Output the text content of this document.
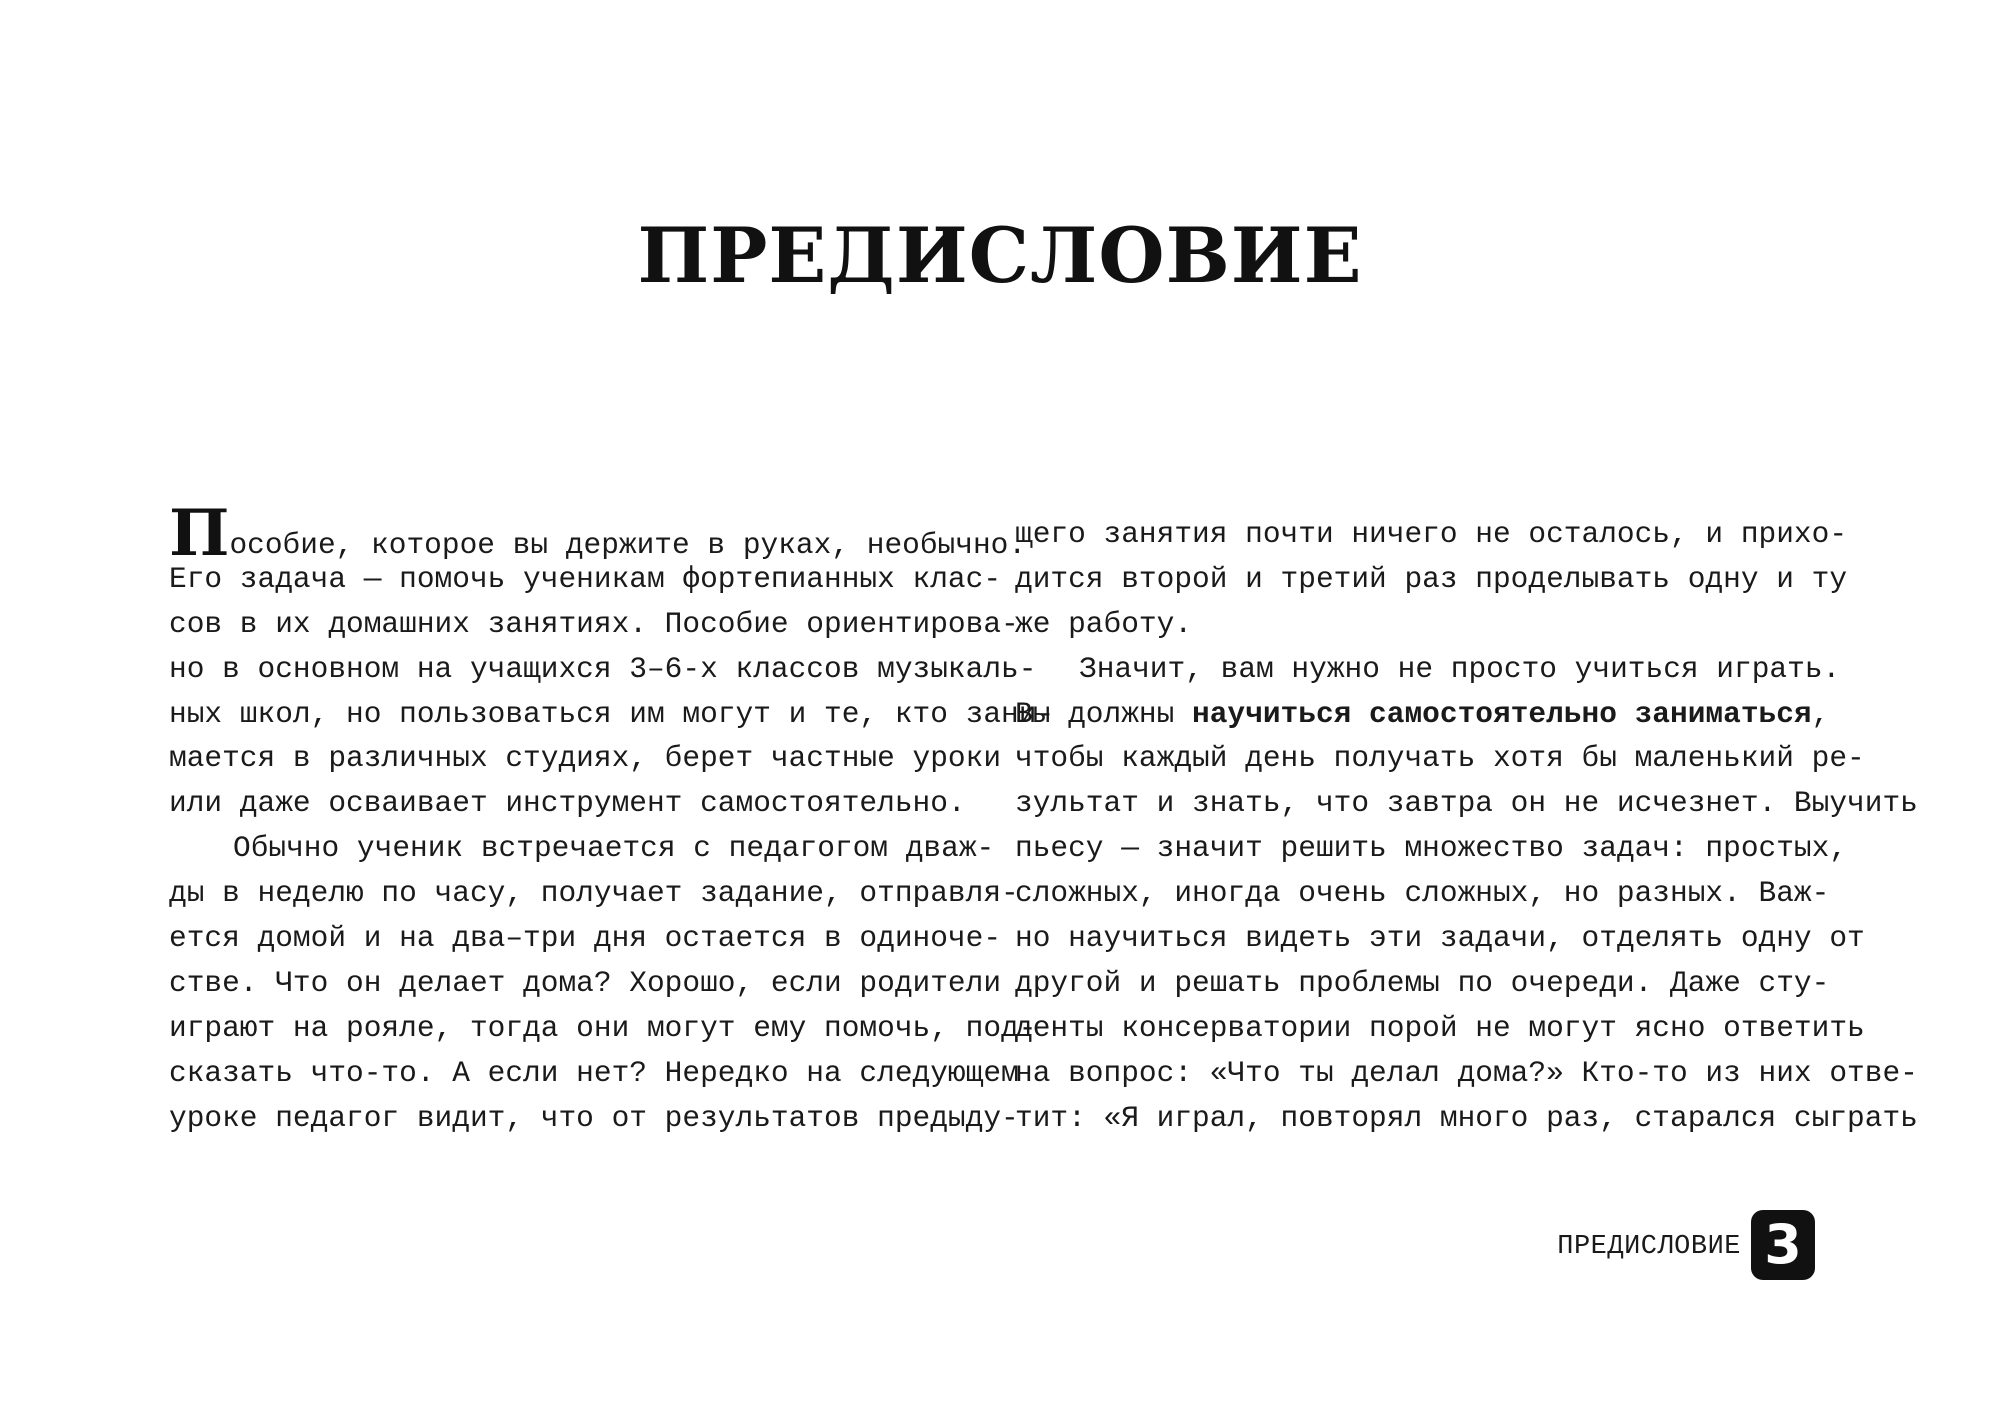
ПРЕДИСЛОВИЕ
Пособие, которое вы держите в руках, необычно.
Его задача — помочь ученикам фортепианных клас-
сов в их домашних занятиях. Пособие ориентирова-
но в основном на учащихся 3–6-х классов музыкаль-
ных школ, но пользоваться им могут и те, кто зани-
мается в различных студиях, берет частные уроки
или даже осваивает инструмент самостоятельно.
Обычно ученик встречается с педагогом дваж-
ды в неделю по часу, получает задание, отправля-
ется домой и на два–три дня остается в одиноче-
стве. Что он делает дома? Хорошо, если родители
играют на рояле, тогда они могут ему помочь, под-
сказать что-то. А если нет? Нередко на следующем
уроке педагог видит, что от результатов предыду-
щего занятия почти ничего не осталось, и прихо-
дится второй и третий раз проделывать одну и ту
же работу.
Значит, вам нужно не просто учиться играть.
Вы должны научиться самостоятельно заниматься,
чтобы каждый день получать хотя бы маленький ре-
зультат и знать, что завтра он не исчезнет. Выучить
пьесу — значит решить множество задач: простых,
сложных, иногда очень сложных, но разных. Важ-
но научиться видеть эти задачи, отделять одну от
другой и решать проблемы по очереди. Даже сту-
денты консерватории порой не могут ясно ответить
на вопрос: «Что ты делал дома?» Кто-то из них отве-
тит: «Я играл, повторял много раз, старался сыграть
ПРЕДИСЛОВИЕ 3
